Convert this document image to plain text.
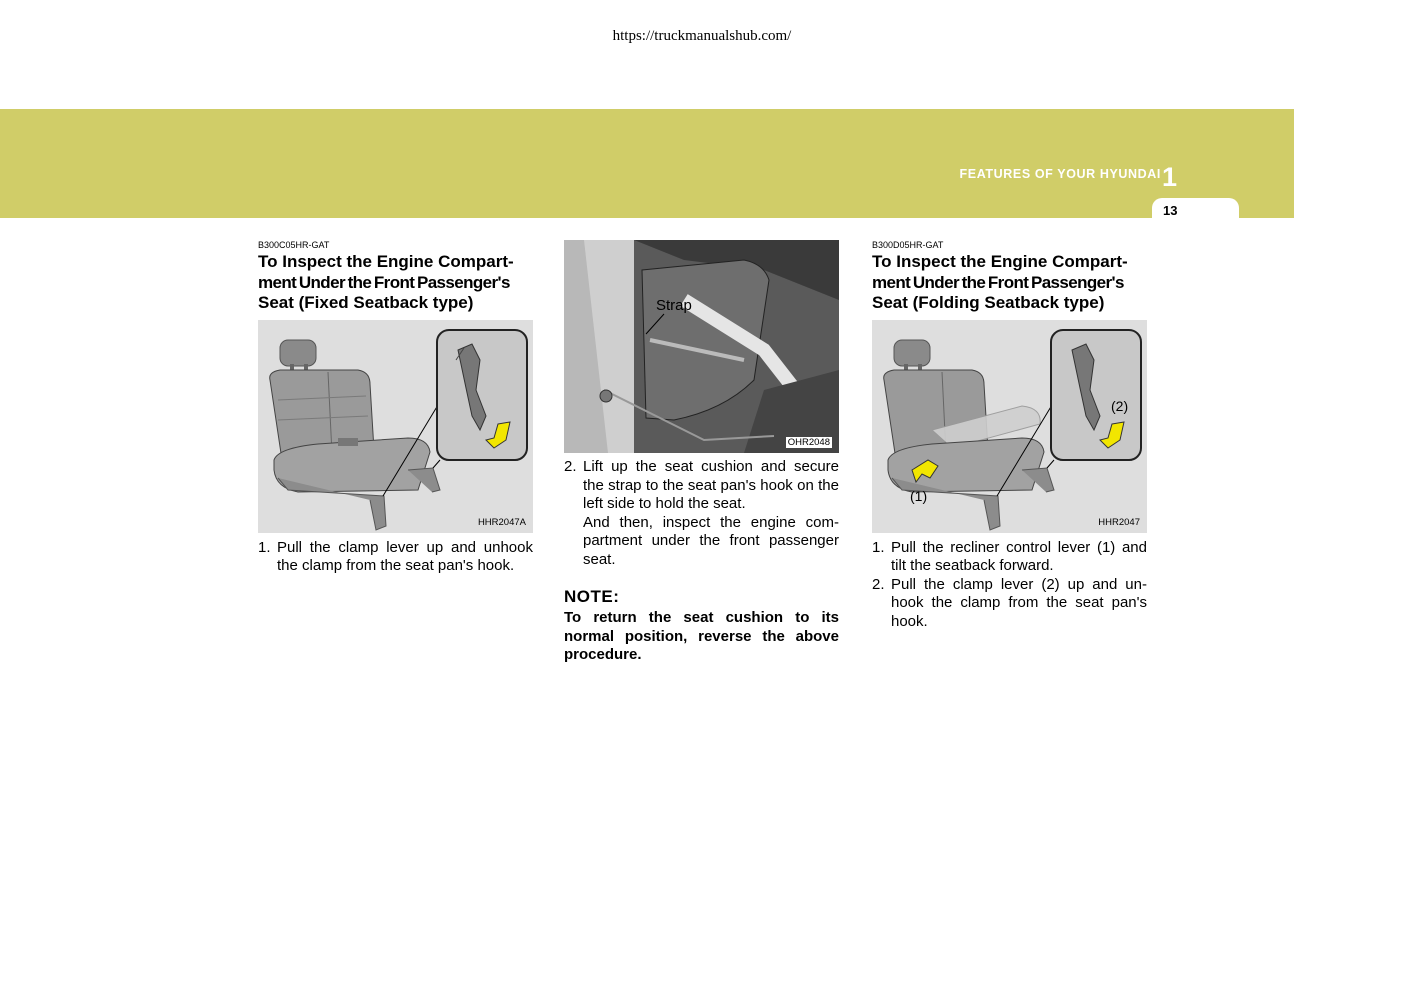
https://truckmanualshub.com/
FEATURES OF YOUR HYUNDAI 1
13
B300C05HR-GAT
To Inspect the Engine Compart-
ment Under the Front Passenger's
Seat (Fixed Seatback type)
HHR2047A
1. Pull the clamp lever up and unhook the clamp from the seat pan's hook.
Strap
OHR2048
2. Lift up the seat cushion and secure the strap to the seat pan's hook on the left side to hold the seat.
And then, inspect the engine com-partment under the front passenger seat.
NOTE:
To return the seat cushion to its normal position, reverse the above procedure.
B300D05HR-GAT
To Inspect the Engine Compart-
ment Under the Front Passenger's
Seat (Folding Seatback type)
(1)
(2)
HHR2047
1. Pull the recliner control lever (1) and tilt the seatback forward.
2. Pull the clamp lever (2) up and un-hook the clamp from the seat pan's hook.
